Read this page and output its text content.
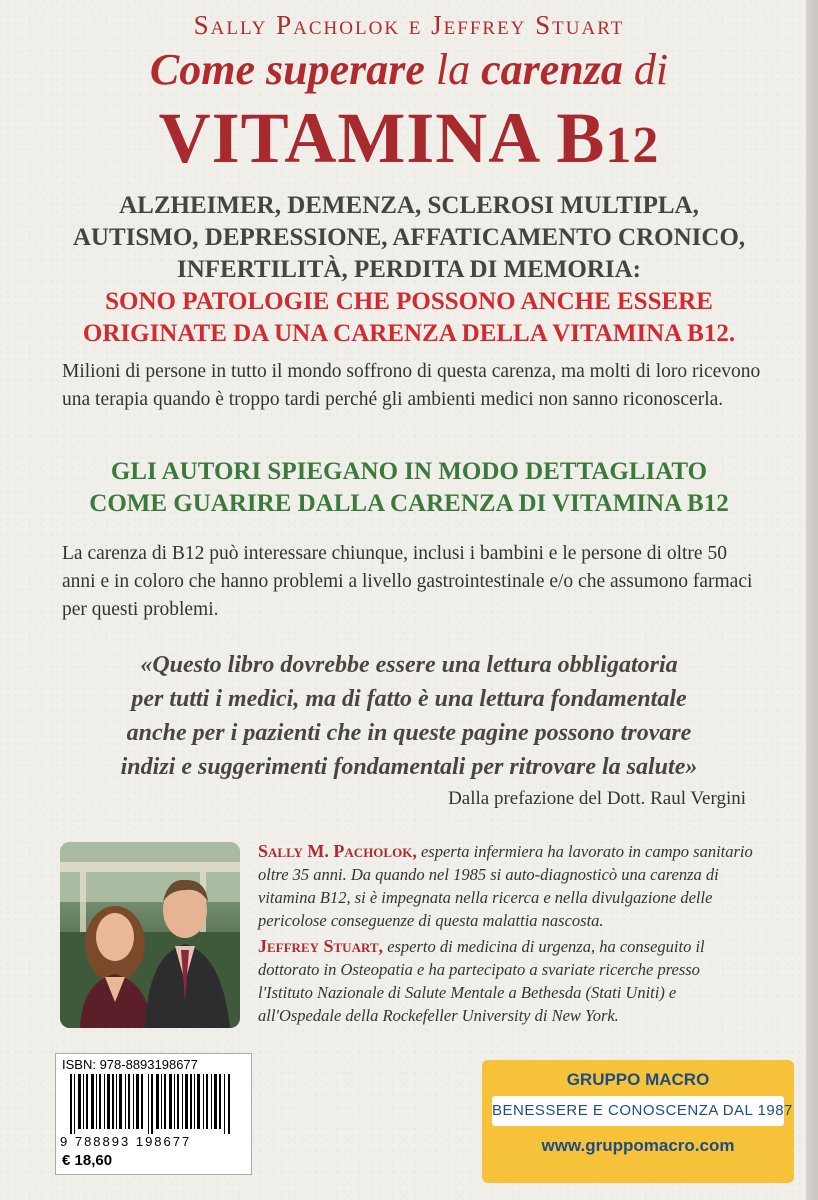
Sally Pacholok e Jeffrey Stuart
Come superare la carenza di
VITAMINA B12
ALZHEIMER, DEMENZA, SCLEROSI MULTIPLA,
AUTISMO, DEPRESSIONE, AFFATICAMENTO CRONICO,
INFERTILITÀ, PERDITA DI MEMORIA:
SONO PATOLOGIE CHE POSSONO ANCHE ESSERE
ORIGINATE DA UNA CARENZA DELLA VITAMINA B12.
Milioni di persone in tutto il mondo soffrono di questa carenza, ma molti di loro ricevono una terapia quando è troppo tardi perché gli ambienti medici non sanno riconoscerla.
GLI AUTORI SPIEGANO IN MODO DETTAGLIATO
COME GUARIRE DALLA CARENZA DI VITAMINA B12
La carenza di B12 può interessare chiunque, inclusi i bambini e le persone di oltre 50 anni e in coloro che hanno problemi a livello gastrointestinale e/o che assumono farmaci per questi problemi.
«Questo libro dovrebbe essere una lettura obbligatoria
per tutti i medici, ma di fatto è una lettura fondamentale
anche per i pazienti che in queste pagine possono trovare
indizi e suggerimenti fondamentali per ritrovare la salute»
Dalla prefazione del Dott. Raul Vergini

Sally M. Pacholok, esperta infermiera ha lavorato in campo sanitario oltre 35 anni. Da quando nel 1985 si auto-diagnosticò una carenza di vitamina B12, si è impegnata nella ricerca e nella divulgazione delle pericolose conseguenze di questa malattia nascosta.

Jeffrey Stuart, esperto di medicina di urgenza, ha conseguito il dottorato in Osteopatia e ha partecipato a svariate ricerche presso l'Istituto Nazionale di Salute Mentale a Bethesda (Stati Uniti) e all'Ospedale della Rockefeller University di New York.

ISBN: 978-8893198677
9 788893 198677
€ 18,60
GRUPPO MACRO
BENESSERE E CONOSCENZA DAL 1987
www.gruppomacro.com
